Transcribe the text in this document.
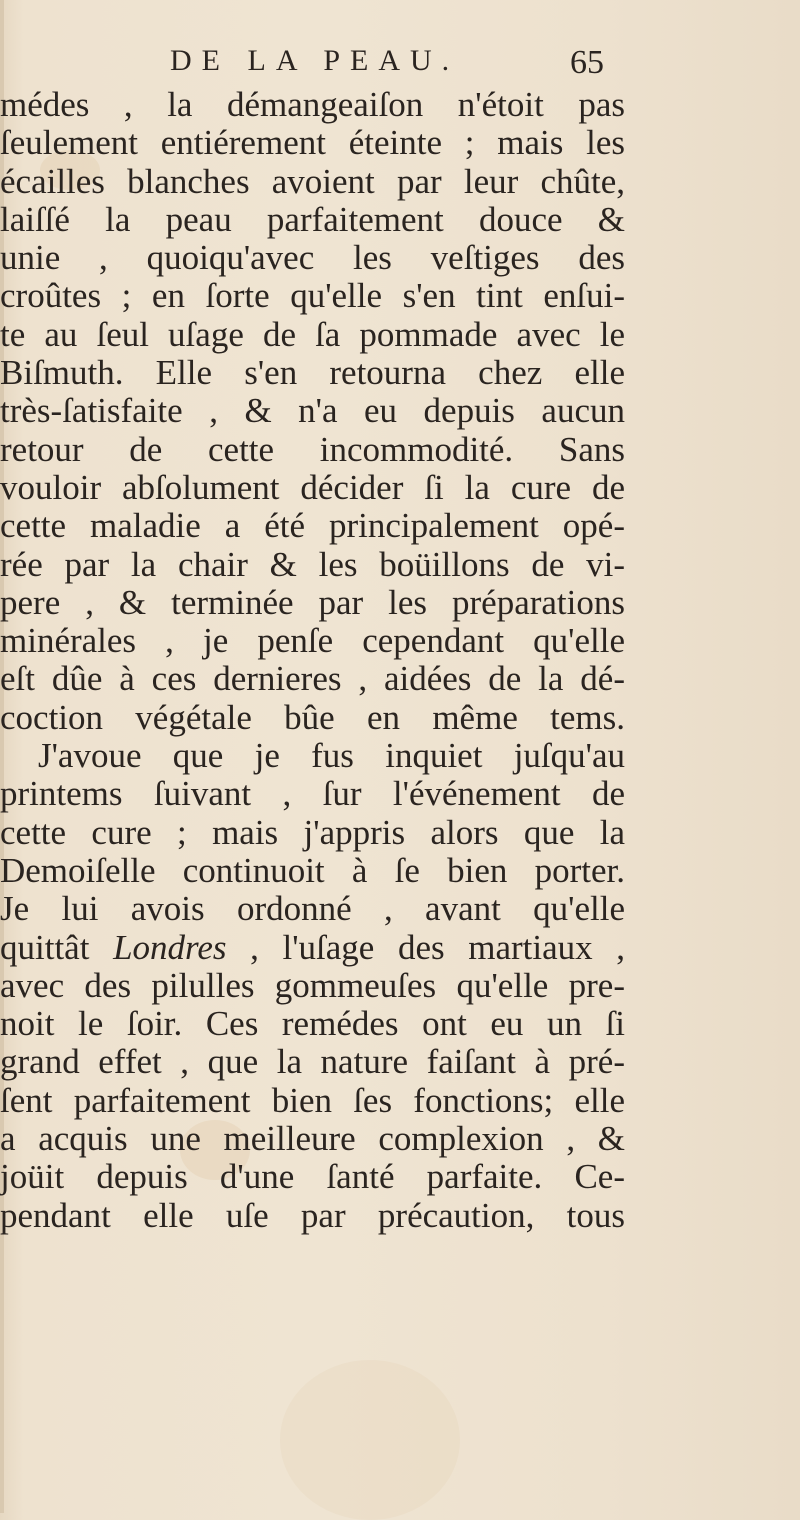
DE LA PEAU.	65
médes , la démangeaiſon n'étoit pas
ſeulement entiérement éteinte ; mais les
écailles blanches avoient par leur chûte,
laiſſé la peau parfaitement douce &
unie , quoiqu'avec les veſtiges des
croûtes ; en ſorte qu'elle s'en tint enſui-
te au ſeul uſage de ſa pommade avec le
Biſmuth. Elle s'en retourna chez elle
très-ſatisfaite , & n'a eu depuis aucun
retour de cette incommodité. Sans
vouloir abſolument décider ſi la cure de
cette maladie a été principalement opé-
rée par la chair & les boüillons de vi-
pere , & terminée par les préparations
minérales , je penſe cependant qu'elle
eſt dûe à ces dernieres , aidées de la dé-
coction végétale bûe en même tems.
J'avoue que je fus inquiet juſqu'au
printems ſuivant , ſur l'événement de
cette cure ; mais j'appris alors que la
Demoiſelle continuoit à ſe bien porter.
Je lui avois ordonné , avant qu'elle
quittât Londres , l'uſage des martiaux ,
avec des pilulles gommeuſes qu'elle pre-
noit le ſoir. Ces remédes ont eu un ſi
grand effet , que la nature faiſant à pré-
ſent parfaitement bien ſes fonctions; elle
a acquis une meilleure complexion , &
joüit depuis d'une ſanté parfaite. Ce-
pendant elle uſe par précaution, tous
